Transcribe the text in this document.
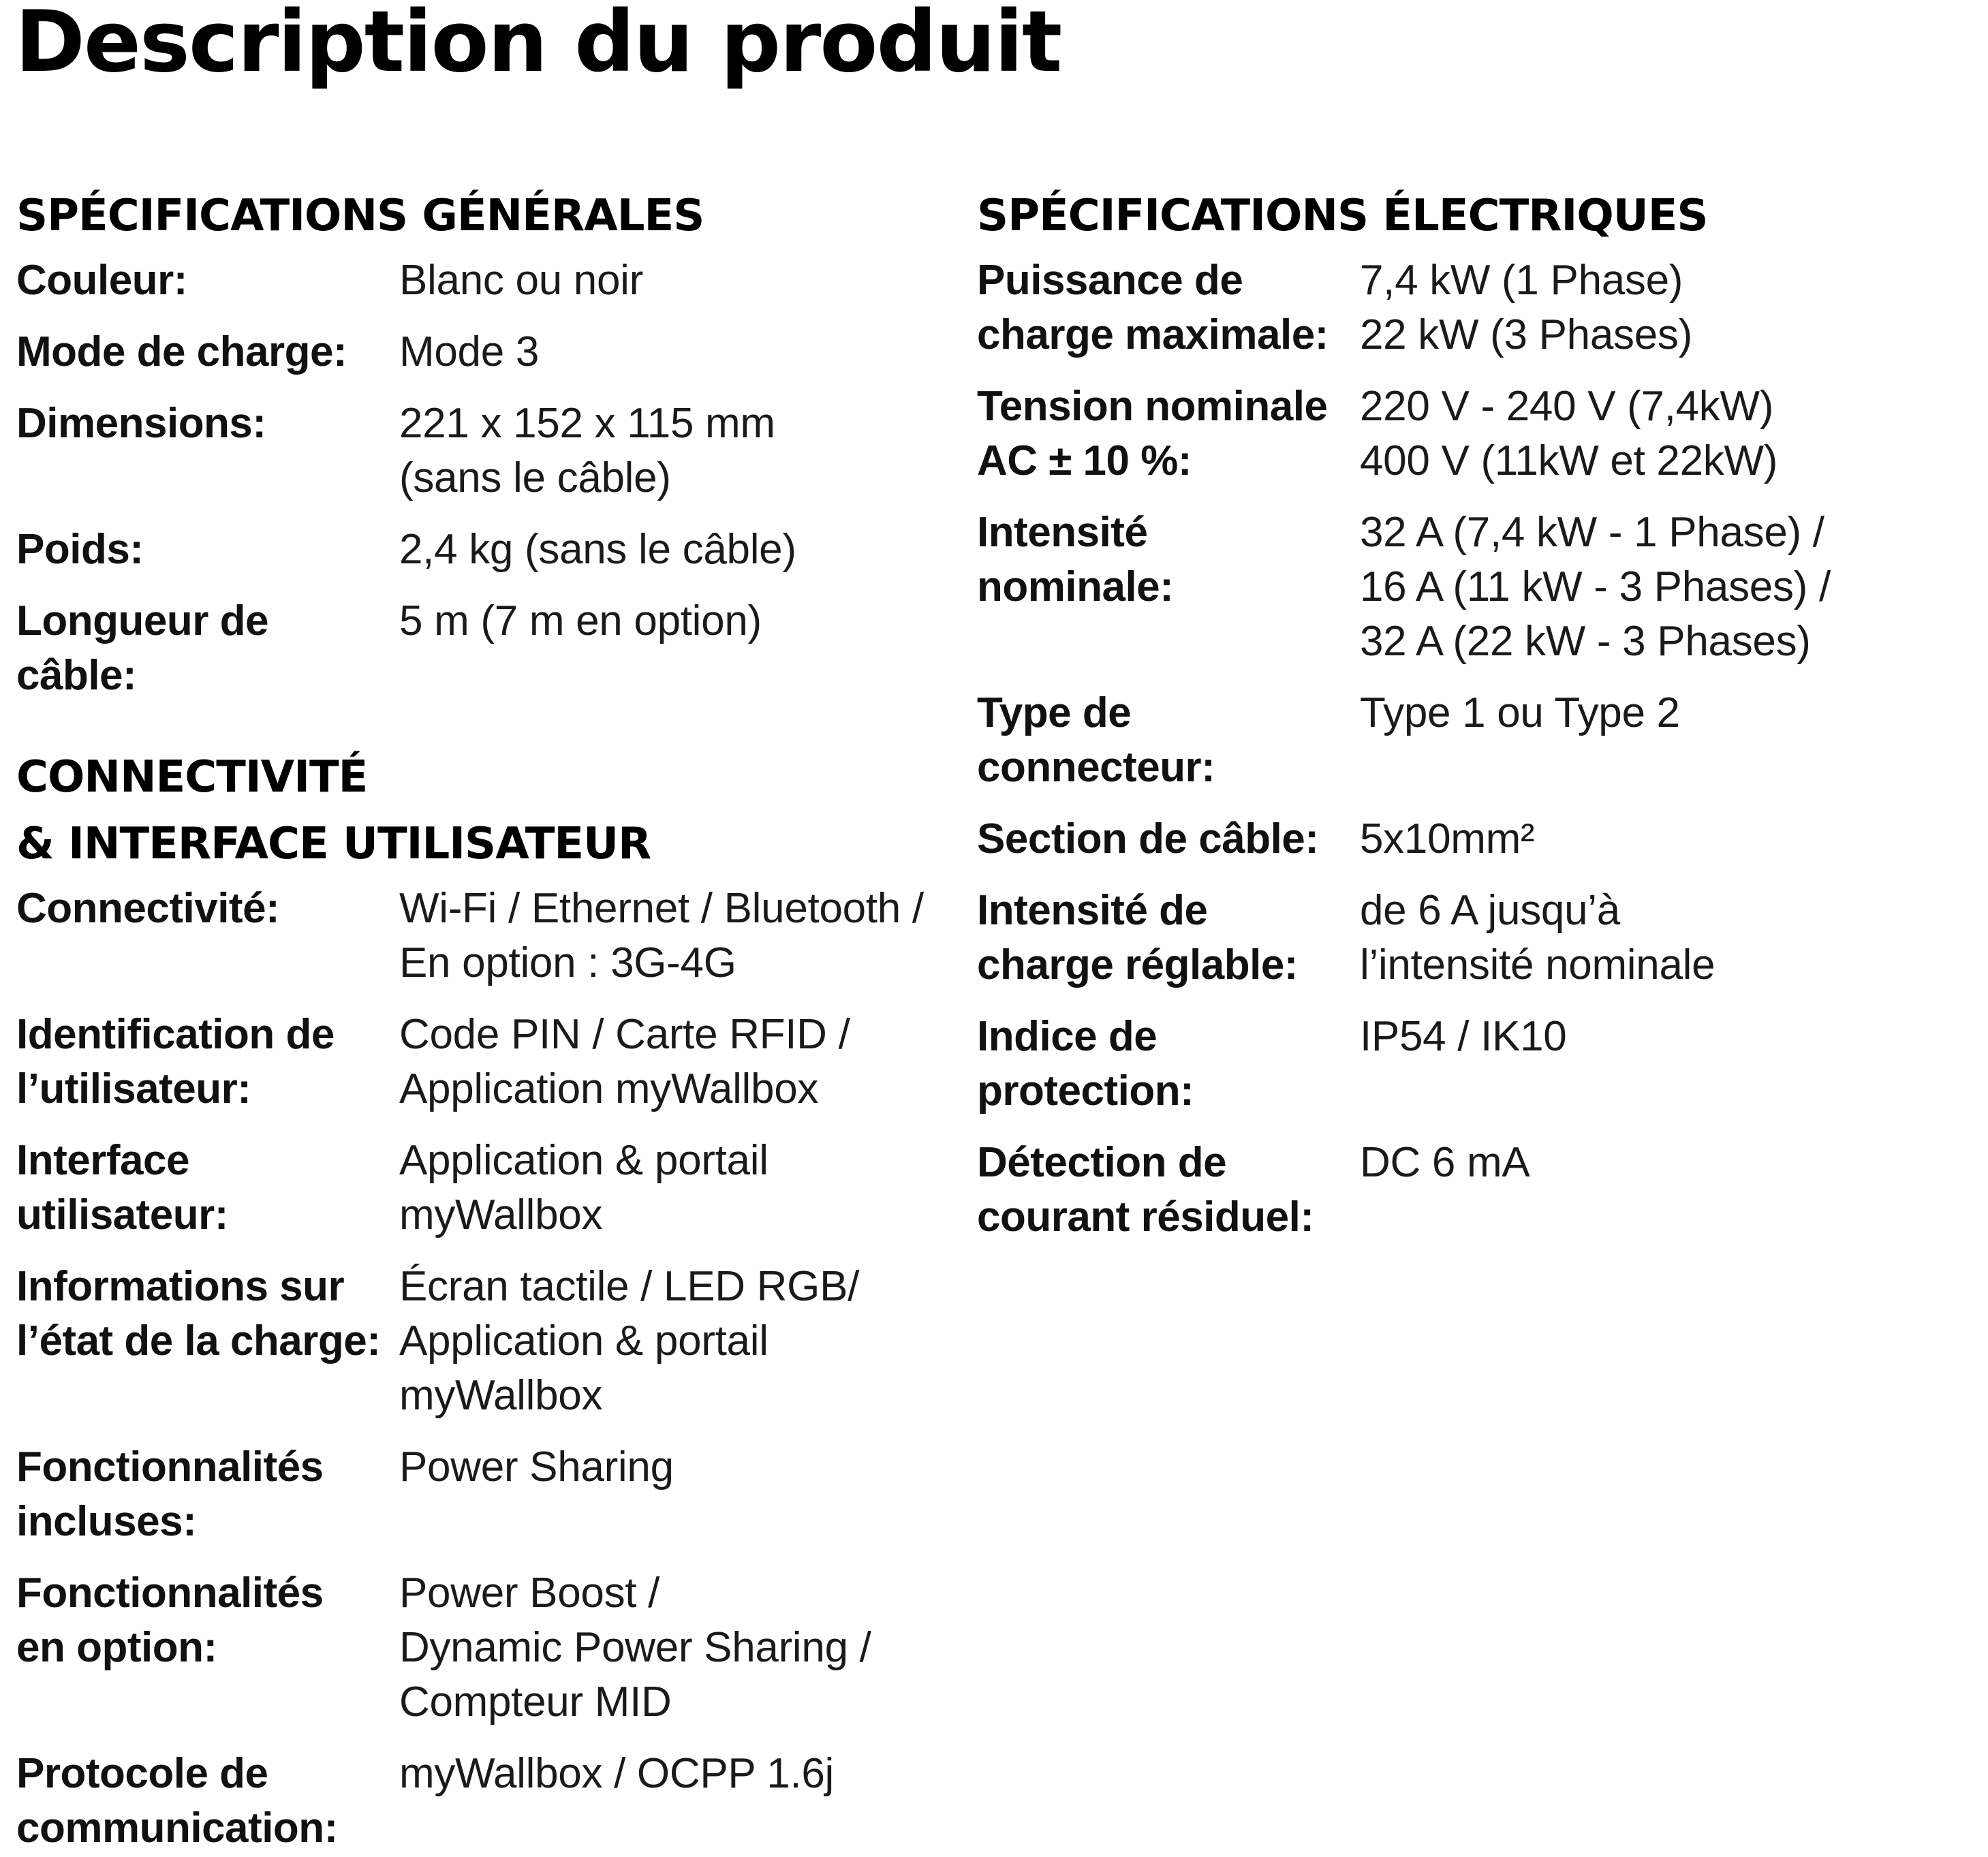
Description du produit
SPÉCIFICATIONS GÉNÉRALES
Couleur:	Blanc ou noir
Mode de charge:	Mode 3
Dimensions:	221 x 152 x 115 mm
(sans le câble)
Poids:	2,4 kg (sans le câble)
Longueur de câble:
5 m (7 m en option)
CONNECTIVITÉ
& INTERFACE UTILISATEUR
Connectivité:	Wi-Fi / Ethernet / Bluetooth /
En option : 3G-4G
Identification de
l’utilisateur:
Code PIN / Carte RFID /
Application myWallbox
Interface
utilisateur:
Application & portail
myWallbox
Informations sur
l’état de la charge:
Écran tactile / LED RGB/
Application & portail
myWallbox
Fonctionnalités
incluses:
Power Sharing
Fonctionnalités
en option:
Power Boost /
Dynamic Power Sharing /
Compteur MID
Protocole de
communication:
myWallbox / OCPP 1.6j
SPÉCIFICATIONS ÉLECTRIQUES
Puissance de
charge maximale:
7,4 kW (1 Phase)
22 kW (3 Phases)
Tension nominale
AC ± 10 %:
220 V - 240 V (7,4kW)
400 V (11kW et 22kW)
Intensité
nominale:
32 A (7,4 kW - 1 Phase) /
16 A (11 kW - 3 Phases) /
32 A (22 kW - 3 Phases)
Type de
connecteur:
Type 1 ou Type 2
Section de câble: 5x10mm²
Intensité de
charge réglable:
de 6 A jusqu’à
l’intensité nominale
Indice de
protection:
IP54 / IK10
Détection de
courant résiduel:
DC 6 mA
